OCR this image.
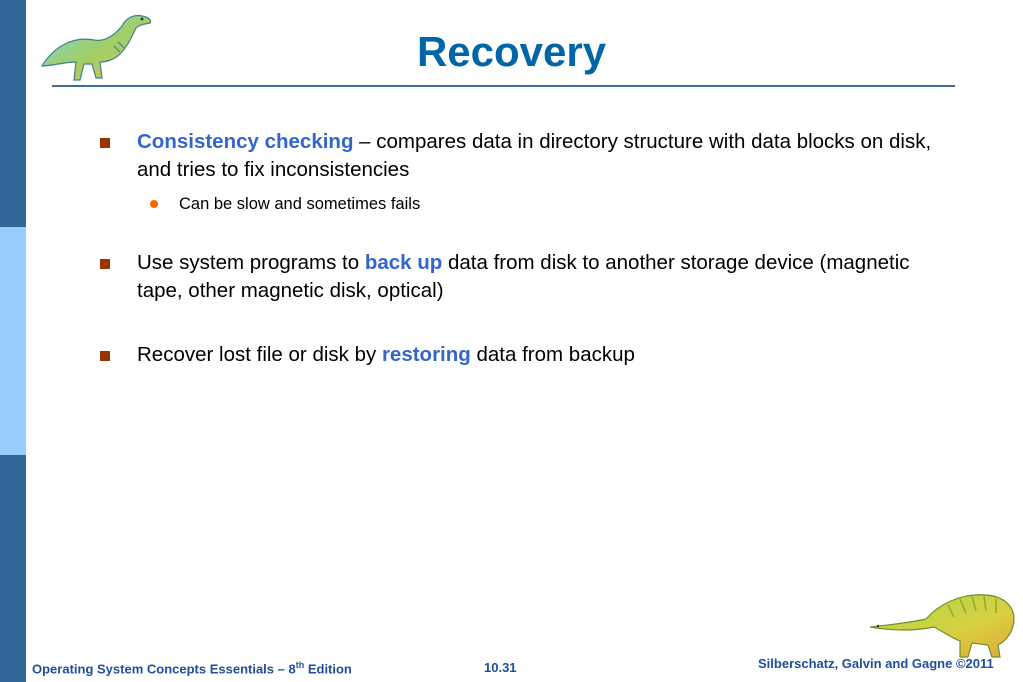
Recovery
Consistency checking – compares data in directory structure with data blocks on disk, and tries to fix inconsistencies
Can be slow and sometimes fails
Use system programs to back up data from disk to another storage device (magnetic tape, other magnetic disk, optical)
Recover lost file or disk by restoring data from backup
Operating System Concepts Essentials – 8th Edition	10.31	Silberschatz, Galvin and Gagne ©2011
